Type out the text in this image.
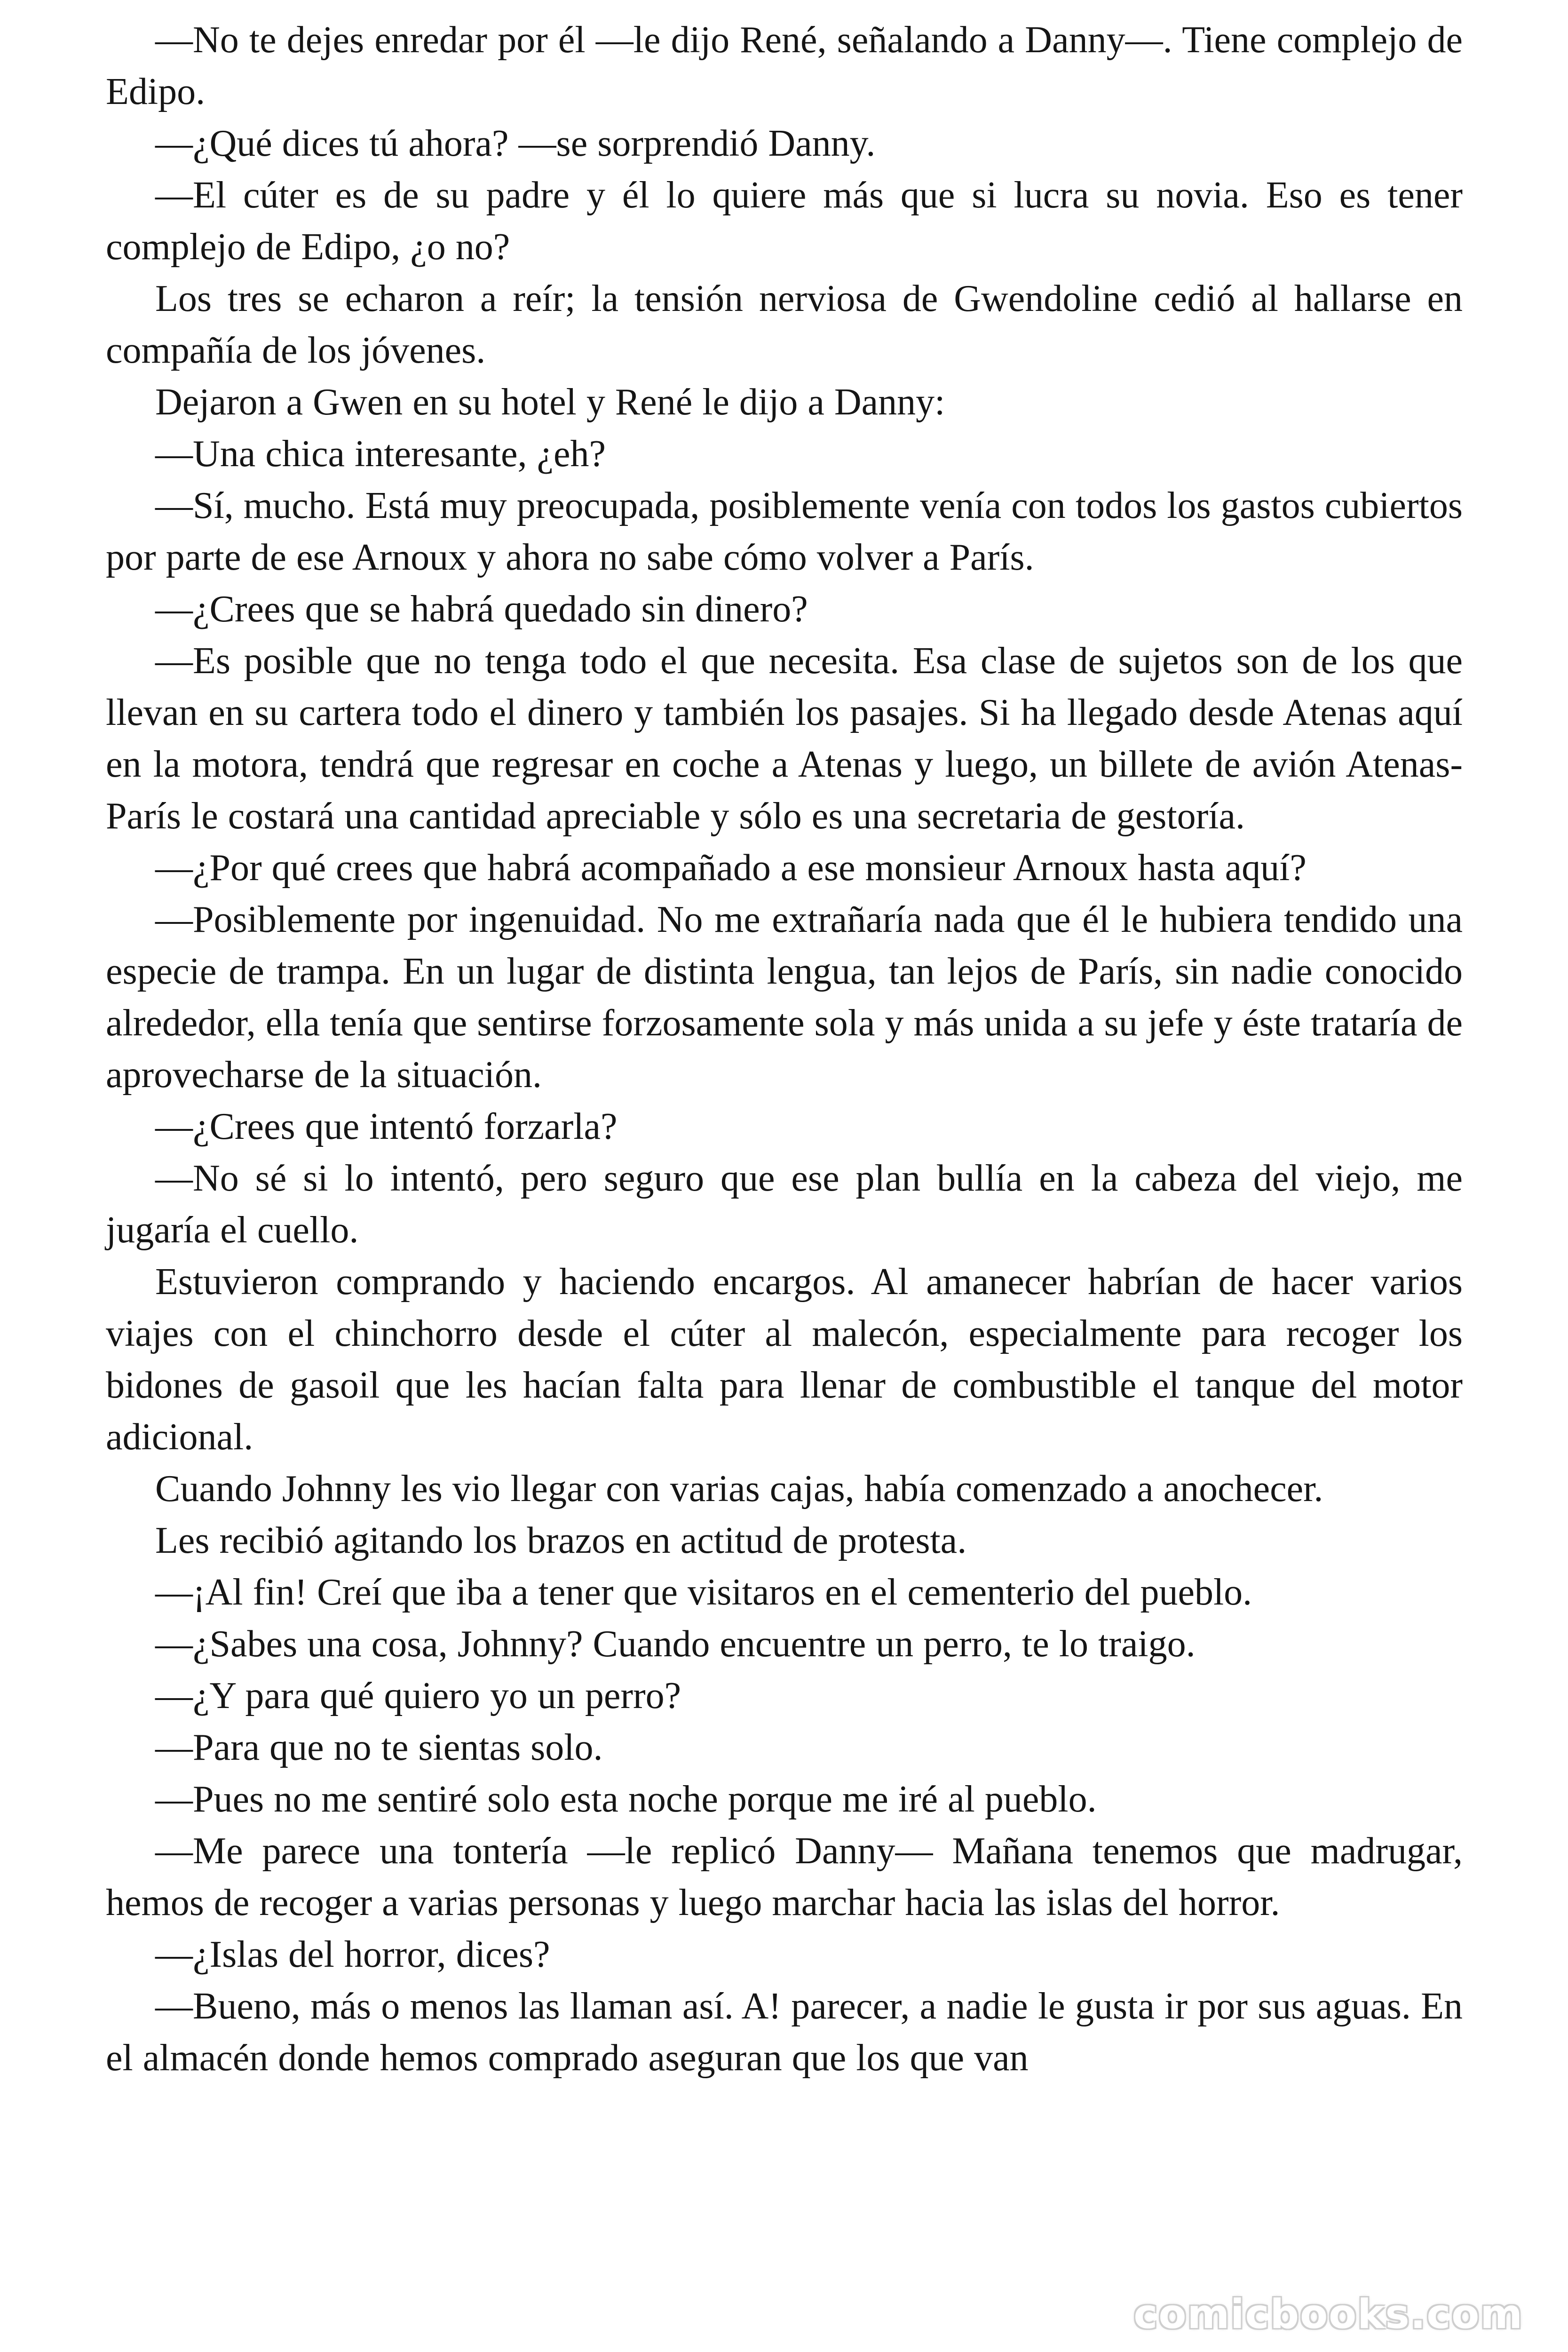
—No te dejes enredar por él —le dijo René, señalando a Danny—. Tiene complejo de Edipo.

—¿Qué dices tú ahora? —se sorprendió Danny.

—El cúter es de su padre y él lo quiere más que si lucra su novia. Eso es tener complejo de Edipo, ¿o no?

Los tres se echaron a reír; la tensión nerviosa de Gwendoline cedió al hallarse en compañía de los jóvenes.

Dejaron a Gwen en su hotel y René le dijo a Danny:

—Una chica interesante, ¿eh?

—Sí, mucho. Está muy preocupada, posiblemente venía con todos los gastos cubiertos por parte de ese Arnoux y ahora no sabe cómo volver a París.

—¿Crees que se habrá quedado sin dinero?

—Es posible que no tenga todo el que necesita. Esa clase de sujetos son de los que llevan en su cartera todo el dinero y también los pasajes. Si ha llegado desde Atenas aquí en la motora, tendrá que regresar en coche a Atenas y luego, un billete de avión Atenas-París le costará una cantidad apreciable y sólo es una secretaria de gestoría.

—¿Por qué crees que habrá acompañado a ese monsieur Arnoux hasta aquí?

—Posiblemente por ingenuidad. No me extrañaría nada que él le hubiera tendido una especie de trampa. En un lugar de distinta lengua, tan lejos de París, sin nadie conocido alrededor, ella tenía que sentirse forzosamente sola y más unida a su jefe y éste trataría de aprovecharse de la situación.

—¿Crees que intentó forzarla?

—No sé si lo intentó, pero seguro que ese plan bullía en la cabeza del viejo, me jugaría el cuello.

Estuvieron comprando y haciendo encargos. Al amanecer habrían de hacer varios viajes con el chinchorro desde el cúter al malecón, especialmente para recoger los bidones de gasoil que les hacían falta para llenar de combustible el tanque del motor adicional.

Cuando Johnny les vio llegar con varias cajas, había comenzado a anochecer.

Les recibió agitando los brazos en actitud de protesta.

—¡Al fin! Creí que iba a tener que visitaros en el cementerio del pueblo.

—¿Sabes una cosa, Johnny? Cuando encuentre un perro, te lo traigo.

—¿Y para qué quiero yo un perro?

—Para que no te sientas solo.

—Pues no me sentiré solo esta noche porque me iré al pueblo.

—Me parece una tontería —le replicó Danny— Mañana tenemos que madrugar, hemos de recoger a varias personas y luego marchar hacia las islas del horror.

—¿Islas del horror, dices?

—Bueno, más o menos las llaman así. A! parecer, a nadie le gusta ir por sus aguas. En el almacén donde hemos comprado aseguran que los que van

comicbooks.com
